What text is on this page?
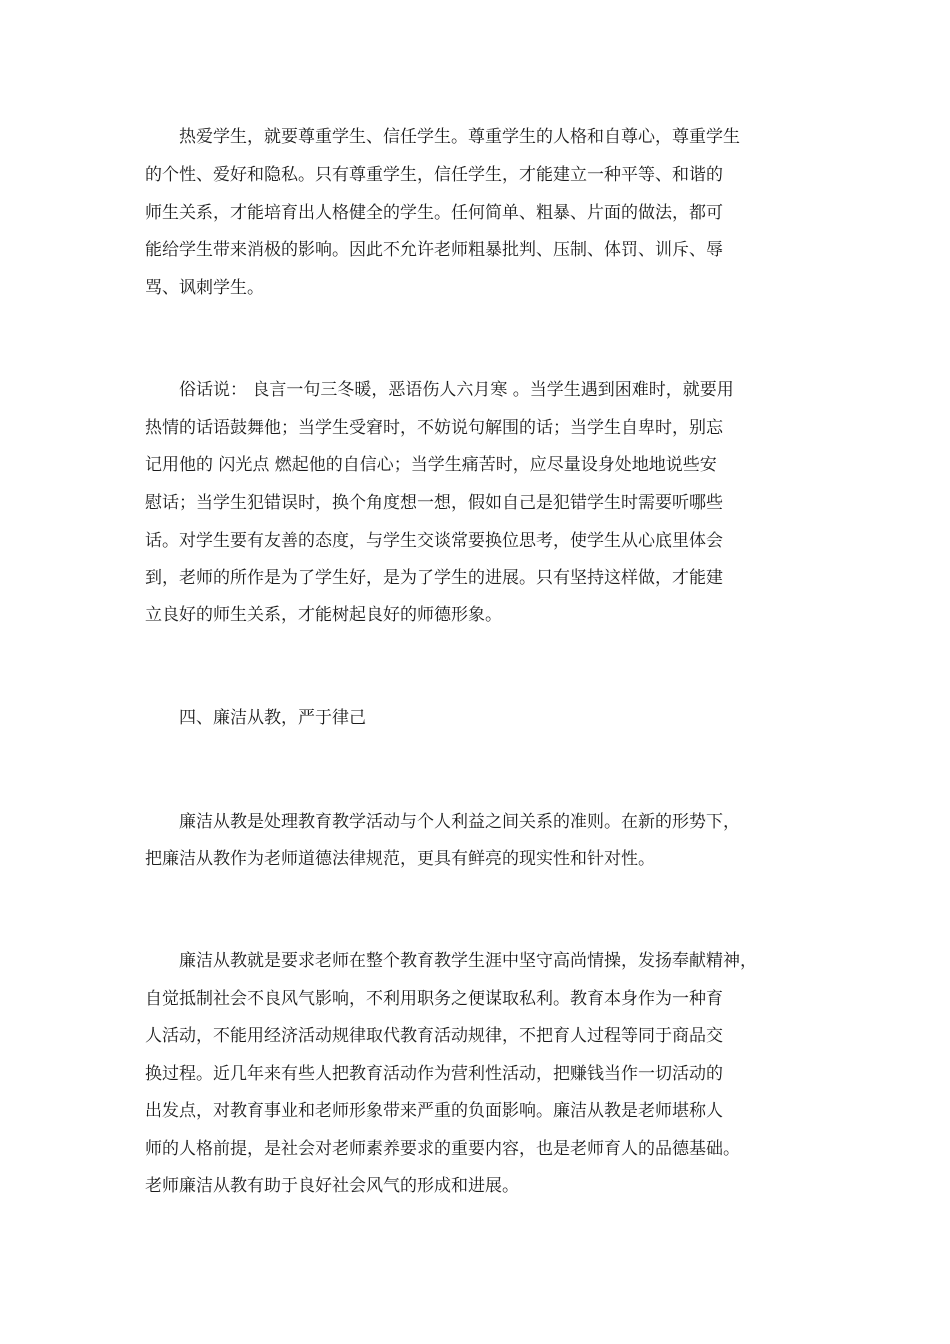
　　热爱学生，就要尊重学生、信任学生。尊重学生的人格和自尊心，尊重学生

的个性、爱好和隐私。只有尊重学生，信任学生，才能建立一种平等、和谐的

师生关系，才能培育出人格健全的学生。任何简单、粗暴、片面的做法，都可

能给学生带来消极的影响。因此不允许老师粗暴批判、压制、体罚、训斥、辱

骂、讽刺学生。

　　俗话说： 良言一句三冬暖，恶语伤人六月寒 。当学生遇到困难时，就要用

热情的话语鼓舞他；当学生受窘时，不妨说句解围的话；当学生自卑时，别忘

记用他的 闪光点 燃起他的自信心；当学生痛苦时，应尽量设身处地地说些安

慰话；当学生犯错误时，换个角度想一想，假如自己是犯错学生时需要听哪些

话。对学生要有友善的态度，与学生交谈常要换位思考，使学生从心底里体会

到，老师的所作是为了学生好，是为了学生的进展。只有坚持这样做，才能建

立良好的师生关系，才能树起良好的师德形象。

　　四、廉洁从教，严于律己

　　廉洁从教是处理教育教学活动与个人利益之间关系的准则。在新的形势下，

把廉洁从教作为老师道德法律规范，更具有鲜亮的现实性和针对性。

　　廉洁从教就是要求老师在整个教育教学生涯中坚守高尚情操，发扬奉献精神，

自觉抵制社会不良风气影响，不利用职务之便谋取私利。教育本身作为一种育

人活动，不能用经济活动规律取代教育活动规律，不把育人过程等同于商品交

换过程。近几年来有些人把教育活动作为营利性活动，把赚钱当作一切活动的

出发点，对教育事业和老师形象带来严重的负面影响。廉洁从教是老师堪称人

师的人格前提，是社会对老师素养要求的重要内容，也是老师育人的品德基础。

老师廉洁从教有助于良好社会风气的形成和进展。
